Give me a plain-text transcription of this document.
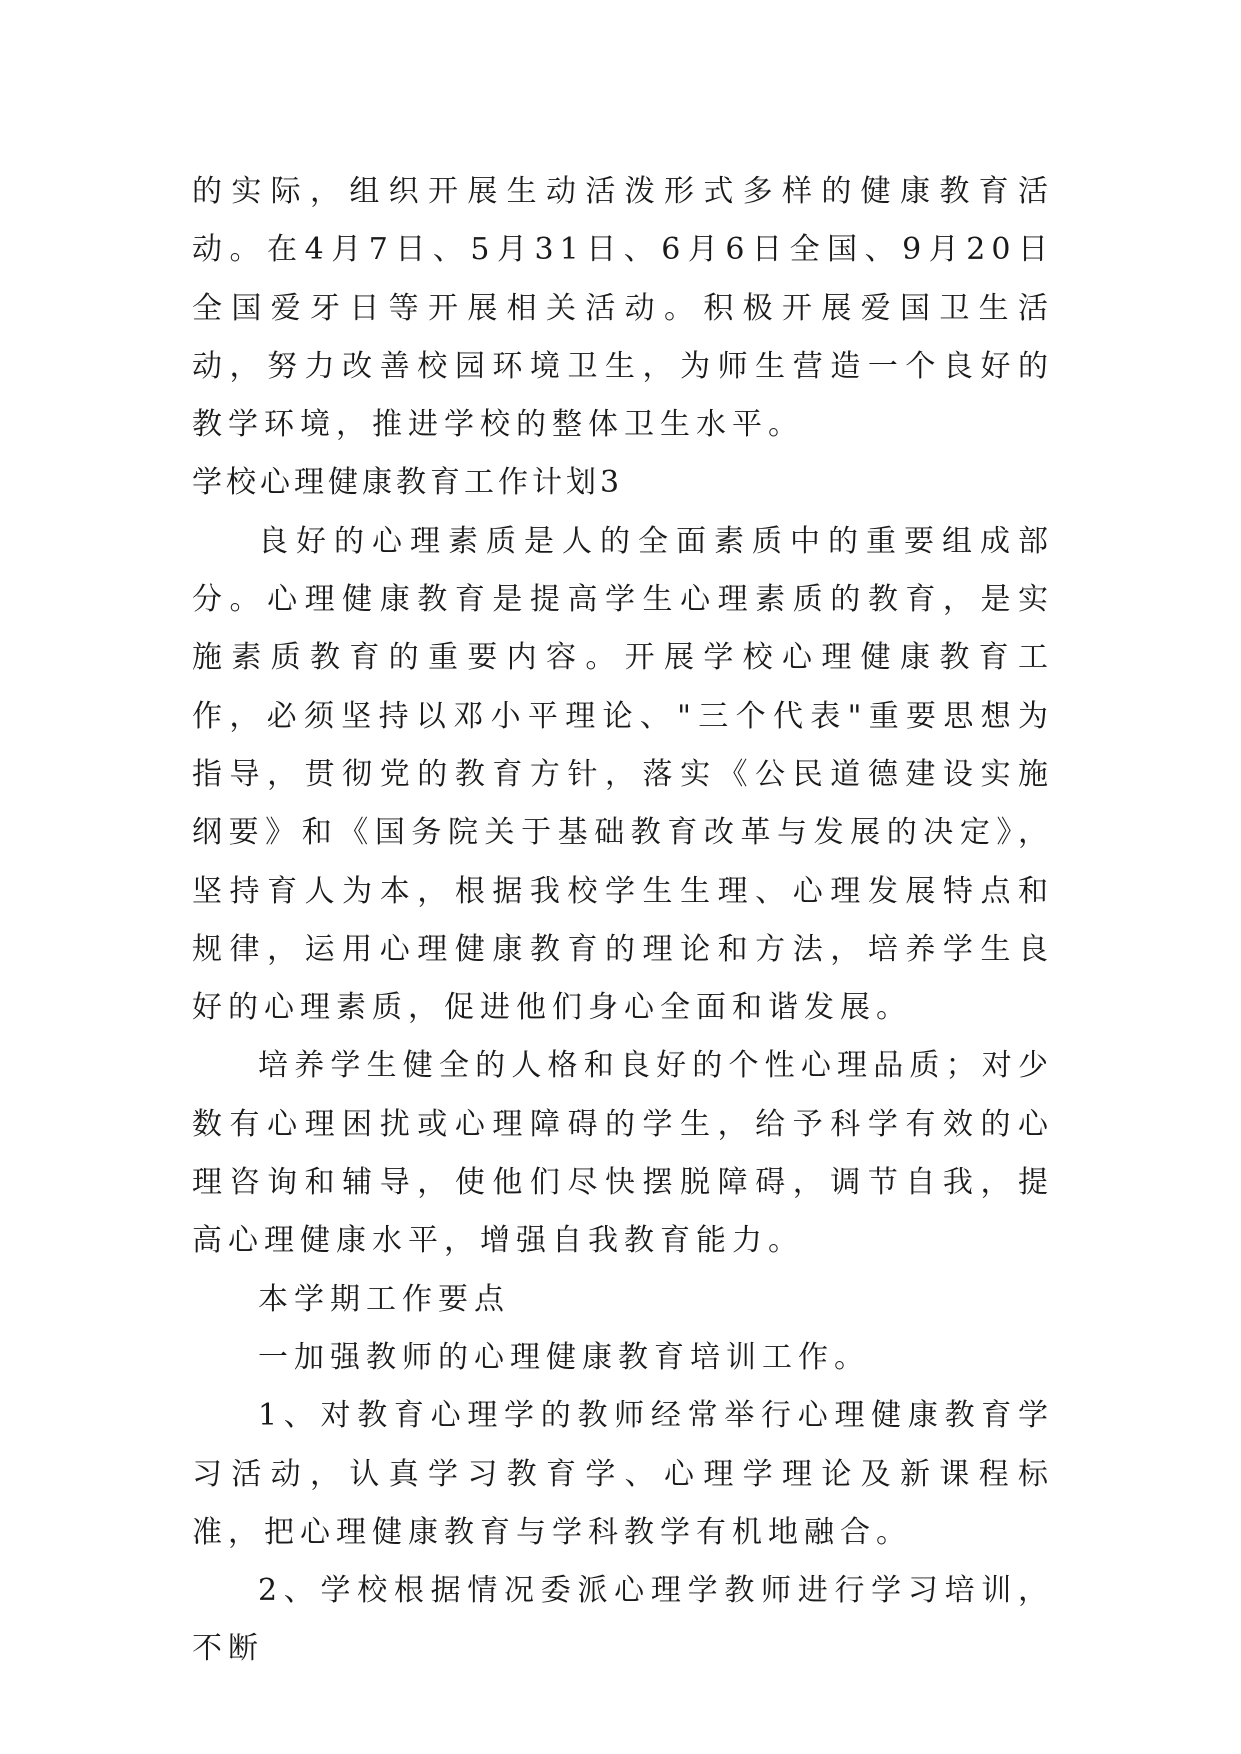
的实际，组织开展生动活泼形式多样的健康教育活动。在4月7日、5月31日、6月6日全国、9月20日全国爱牙日等开展相关活动。积极开展爱国卫生活动，努力改善校园环境卫生，为师生营造一个良好的教学环境，推进学校的整体卫生水平。

学校心理健康教育工作计划3

良好的心理素质是人的全面素质中的重要组成部分。心理健康教育是提高学生心理素质的教育，是实施素质教育的重要内容。开展学校心理健康教育工作，必须坚持以邓小平理论、"三个代表"重要思想为指导，贯彻党的教育方针，落实《公民道德建设实施纲要》和《国务院关于基础教育改革与发展的决定》，坚持育人为本，根据我校学生生理、心理发展特点和规律，运用心理健康教育的理论和方法，培养学生良好的心理素质，促进他们身心全面和谐发展。

培养学生健全的人格和良好的个性心理品质；对少数有心理困扰或心理障碍的学生，给予科学有效的心理咨询和辅导，使他们尽快摆脱障碍，调节自我，提高心理健康水平，增强自我教育能力。

本学期工作要点

一加强教师的心理健康教育培训工作。

1、对教育心理学的教师经常举行心理健康教育学习活动，认真学习教育学、心理学理论及新课程标准，把心理健康教育与学科教学有机地融合。

2、学校根据情况委派心理学教师进行学习培训，不断
